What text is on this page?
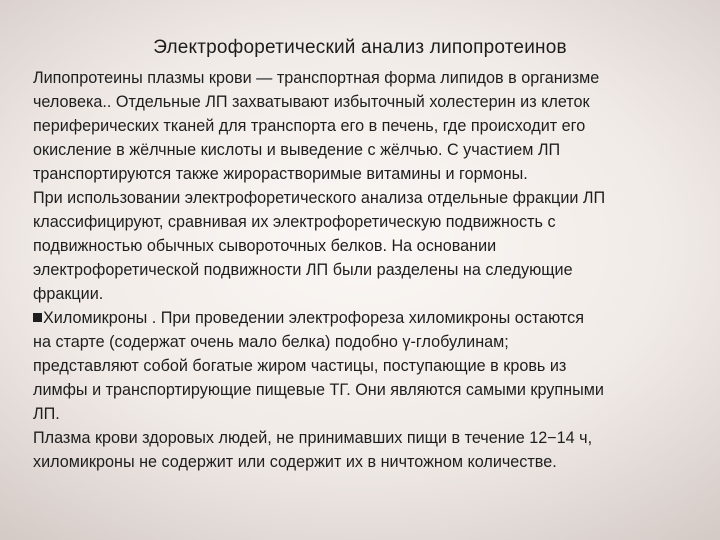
Электрофоретический анализ липопротеинов
Липопротеины плазмы крови — транспортная форма липидов в организме
человека.. Отдельные ЛП захватывают избыточный холестерин из клеток
периферических тканей для транспорта его в печень, где происходит его
окисление в жёлчные кислоты и выведение с жёлчью. С участием ЛП
транспортируются также жирорастворимые витамины и гормоны.
При использовании электрофоретического анализа отдельные фракции ЛП
классифицируют, сравнивая их электрофоретическую подвижность с
подвижностью обычных сывороточных белков. На основании
электрофоретической подвижности ЛП были разделены на следующие
фракции.
Хиломикроны . При проведении электрофореза хиломикроны остаются
на старте (содержат очень мало белка) подобно γ-глобулинам;
представляют собой богатые жиром частицы, поступающие в кровь из
лимфы и транспортирующие пищевые ТГ. Они являются самыми крупными
ЛП.
Плазма крови здоровых людей, не принимавших пищи в течение 12−14 ч,
хиломикроны не содержит или содержит их в ничтожном количестве.
